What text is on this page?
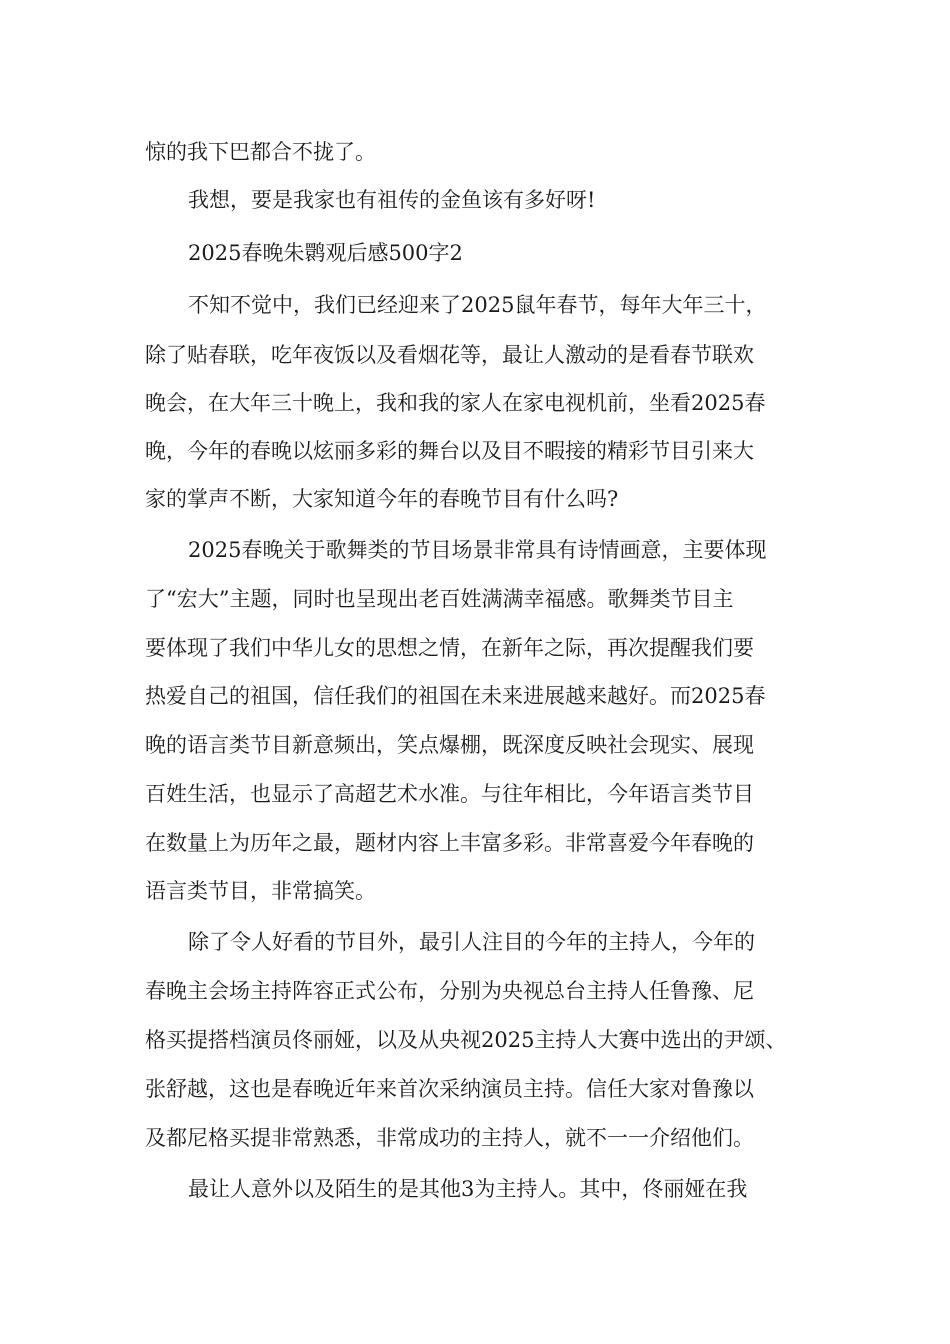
惊的我下巴都合不拢了。

我想，要是我家也有祖传的金鱼该有多好呀!

2025春晚朱鹮观后感500字2

不知不觉中，我们已经迎来了2025鼠年春节，每年大年三十，

除了贴春联，吃年夜饭以及看烟花等，最让人激动的是看春节联欢

晚会，在大年三十晚上，我和我的家人在家电视机前，坐看2025春

晚，今年的春晚以炫丽多彩的舞台以及目不暇接的精彩节目引来大

家的掌声不断，大家知道今年的春晚节目有什么吗?

2025春晚关于歌舞类的节目场景非常具有诗情画意，主要体现

了“宏大”主题，同时也呈现出老百姓满满幸福感。歌舞类节目主

要体现了我们中华儿女的思想之情，在新年之际，再次提醒我们要

热爱自己的祖国，信任我们的祖国在未来进展越来越好。而2025春

晚的语言类节目新意频出，笑点爆棚，既深度反映社会现实、展现

百姓生活，也显示了高超艺术水准。与往年相比，今年语言类节目

在数量上为历年之最，题材内容上丰富多彩。非常喜爱今年春晚的

语言类节目，非常搞笑。

除了令人好看的节目外，最引人注目的今年的主持人，今年的

春晚主会场主持阵容正式公布，分别为央视总台主持人任鲁豫、尼

格买提搭档演员佟丽娅，以及从央视2025主持人大赛中选出的尹颂、

张舒越，这也是春晚近年来首次采纳演员主持。信任大家对鲁豫以

及都尼格买提非常熟悉，非常成功的主持人，就不一一介绍他们。

最让人意外以及陌生的是其他3为主持人。其中，佟丽娅在我
